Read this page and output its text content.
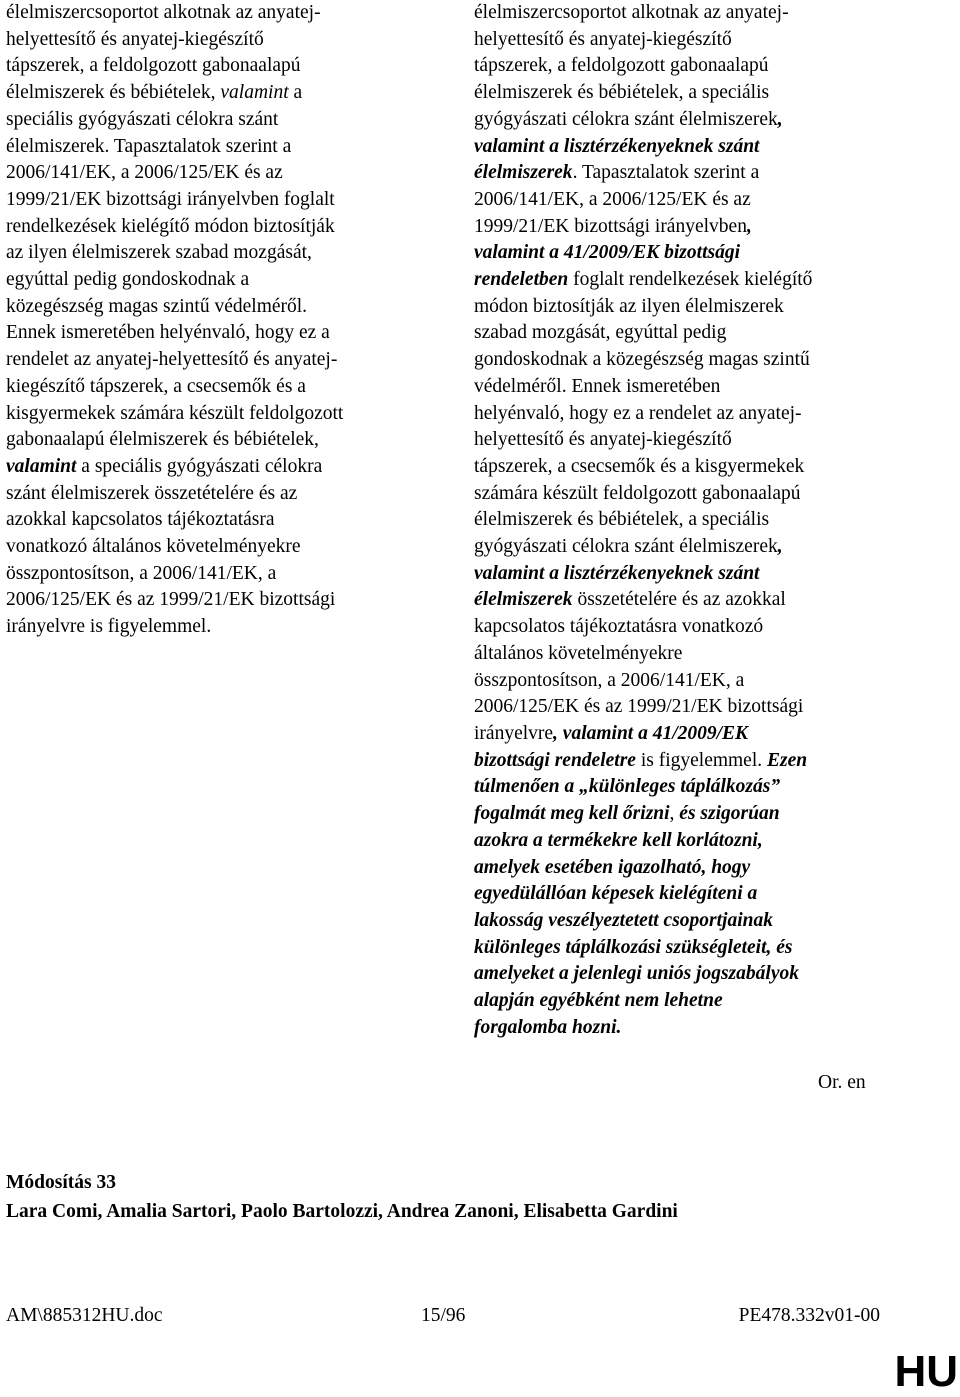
élelmiszercsoportot alkotnak az anyatej-
helyettesítő és anyatej-kiegészítő
tápszerek, a feldolgozott gabonaalapú
élelmiszerek és bébiételek, valamint a
speciális gyógyászati célokra szánt
élelmiszerek. Tapasztalatok szerint a
2006/141/EK, a 2006/125/EK és az
1999/21/EK bizottsági irányelvben foglalt
rendelkezések kielégítő módon biztosítják
az ilyen élelmiszerek szabad mozgását,
egyúttal pedig gondoskodnak a
közegészség magas szintű védelméről.
Ennek ismeretében helyénvaló, hogy ez a
rendelet az anyatej-helyettesítő és anyatej-
kiegészítő tápszerek, a csecsemők és a
kisgyermekek számára készült feldolgozott
gabonaalapú élelmiszerek és bébiételek,
valamint a speciális gyógyászati célokra
szánt élelmiszerek összetételére és az
azokkal kapcsolatos tájékoztatásra
vonatkozó általános követelményekre
összpontosítson, a 2006/141/EK, a
2006/125/EK és az 1999/21/EK bizottsági
irányelvre is figyelemmel.
élelmiszercsoportot alkotnak az anyatej-
helyettesítő és anyatej-kiegészítő
tápszerek, a feldolgozott gabonaalapú
élelmiszerek és bébiételek, a speciális
gyógyászati célokra szánt élelmiszerek,
valamint a lisztérzékenyeknek szánt
élelmiszerek. Tapasztalatok szerint a
2006/141/EK, a 2006/125/EK és az
1999/21/EK bizottsági irányelvben,
valamint a 41/2009/EK bizottsági
rendeletben foglalt rendelkezések kielégítő
módon biztosítják az ilyen élelmiszerek
szabad mozgását, egyúttal pedig
gondoskodnak a közegészség magas szintű
védelméről. Ennek ismeretében
helyénvaló, hogy ez a rendelet az anyatej-
helyettesítő és anyatej-kiegészítő
tápszerek, a csecsemők és a kisgyermekek
számára készült feldolgozott gabonaalapú
élelmiszerek és bébiételek, a speciális
gyógyászati célokra szánt élelmiszerek,
valamint a lisztérzékenyeknek szánt
élelmiszerek összetételére és az azokkal
kapcsolatos tájékoztatásra vonatkozó
általános követelményekre
összpontosítson, a 2006/141/EK, a
2006/125/EK és az 1999/21/EK bizottsági
irányelvre, valamint a 41/2009/EK
bizottsági rendeletre is figyelemmel. Ezen
túlmenően a „különleges táplálkozás”
fogalmát meg kell őrizni, és szigorúan
azokra a termékekre kell korlátozni,
amelyek esetében igazolható, hogy
egyedülállóan képesek kielégíteni a
lakosság veszélyeztetett csoportjainak
különleges táplálkozási szükségleteit, és
amelyeket a jelenlegi uniós jogszabályok
alapján egyébként nem lehetne
forgalomba hozni.
Or. en
Módosítás 33
Lara Comi, Amalia Sartori, Paolo Bartolozzi, Andrea Zanoni, Elisabetta Gardini
AM\885312HU.doc	15/96	PE478.332v01-00
HU
